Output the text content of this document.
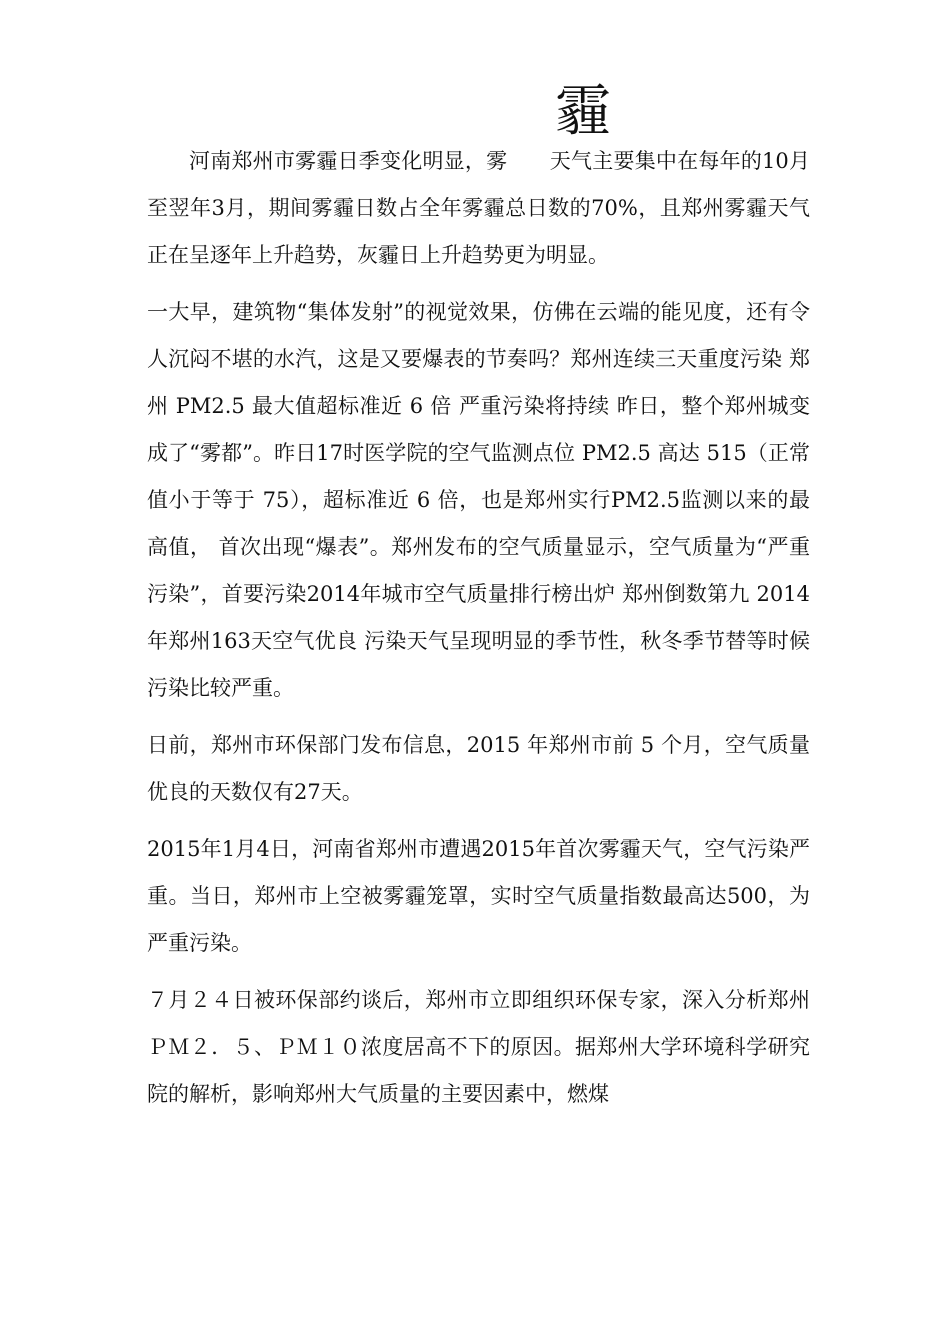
霾

河南郑州市雾霾日季变化明显，雾　　天气主要集中在每年的10月至翌年3月，期间雾霾日数占全年雾霾总日数的70%，且郑州雾霾天气正在呈逐年上升趋势，灰霾日上升趋势更为明显。

一大早，建筑物“集体发射”的视觉效果，仿佛在云端的能见度，还有令人沉闷不堪的水汽，这是又要爆表的节奏吗？郑州连续三天重度污染 郑州 PM2.5 最大值超标准近 6 倍 严重污染将持续 昨日，整个郑州城变成了“雾都”。昨日17时医学院的空气监测点位 PM2.5 高达 515（正常值小于等于 75），超标准近 6 倍，也是郑州实行PM2.5监测以来的最高值， 首次出现“爆表”。郑州发布的空气质量显示，空气质量为“严重污染”，首要污染2014年城市空气质量排行榜出炉 郑州倒数第九 2014年郑州163天空气优良 污染天气呈现明显的季节性，秋冬季节替等时候污染比较严重。

日前，郑州市环保部门发布信息，2015 年郑州市前 5 个月，空气质量优良的天数仅有27天。

2015年1月4日，河南省郑州市遭遇2015年首次雾霾天气，空气污染严重。当日，郑州市上空被雾霾笼罩，实时空气质量指数最高达500，为严重污染。

７月２４日被环保部约谈后，郑州市立即组织环保专家，深入分析郑州ＰＭ２．５、ＰＭ１０浓度居高不下的原因。据郑州大学环境科学研究院的解析，影响郑州大气质量的主要因素中，燃煤
